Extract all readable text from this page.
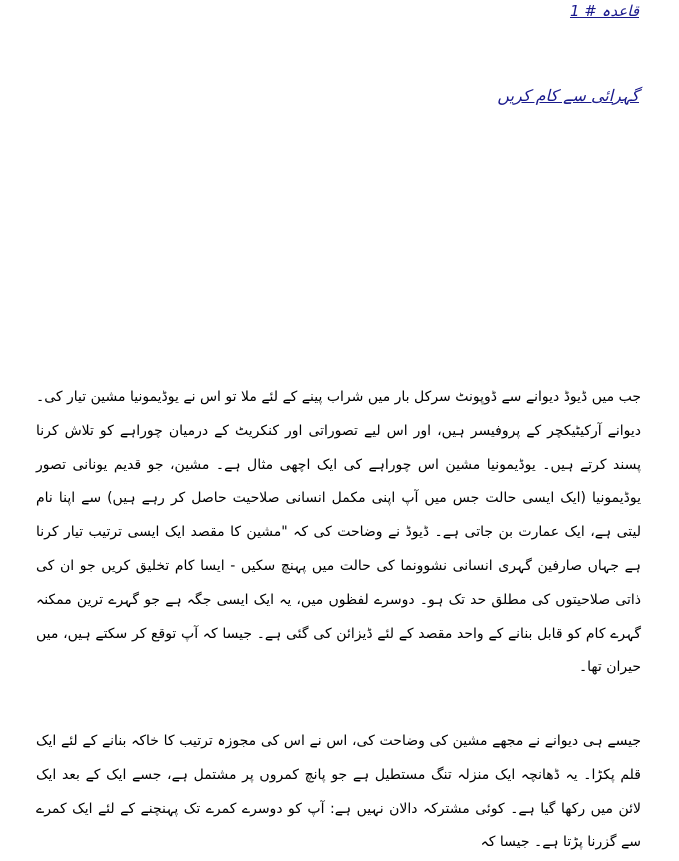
قاعدہ # 1
گہرائی سے کام کریں

جب میں ڈیوڈ دیوانے سے ڈوپونٹ سرکل بار میں شراب پینے کے لئے ملا تو اس نے یوڈیمونیا مشین تیار کی۔ دیوانے آرکیٹیکچر کے پروفیسر ہیں، اور اس لیے تصوراتی اور کنکریٹ کے درمیان چوراہے کو تلاش کرنا پسند کرتے ہیں۔ یوڈیمونیا مشین اس چوراہے کی ایک اچھی مثال ہے۔ مشین، جو قدیم یونانی تصور یوڈیمونیا (ایک ایسی حالت جس میں آپ اپنی مکمل انسانی صلاحیت حاصل کر رہے ہیں) سے اپنا نام لیتی ہے، ایک عمارت بن جاتی ہے۔ ڈیوڈ نے وضاحت کی کہ "مشین کا مقصد ایک ایسی ترتیب تیار کرنا ہے جہاں صارفین گہری انسانی نشوونما کی حالت میں پہنچ سکیں - ایسا کام تخلیق کریں جو ان کی ذاتی صلاحیتوں کی مطلق حد تک ہو۔ دوسرے لفظوں میں، یہ ایک ایسی جگہ ہے جو گہرے ترین ممکنہ گہرے کام کو قابل بنانے کے واحد مقصد کے لئے ڈیزائن کی گئی ہے۔ جیسا کہ آپ توقع کر سکتے ہیں، میں حیران تھا۔

جیسے ہی دیوانے نے مجھے مشین کی وضاحت کی، اس نے اس کی مجوزہ ترتیب کا خاکہ بنانے کے لئے ایک قلم پکڑا۔ یہ ڈھانچہ ایک منزلہ تنگ مستطیل ہے جو پانچ کمروں پر مشتمل ہے، جسے ایک کے بعد ایک لائن میں رکھا گیا ہے۔ کوئی مشترکہ دالان نہیں ہے: آپ کو دوسرے کمرے تک پہنچنے کے لئے ایک کمرے سے گزرنا پڑتا ہے۔ جیسا کہ
